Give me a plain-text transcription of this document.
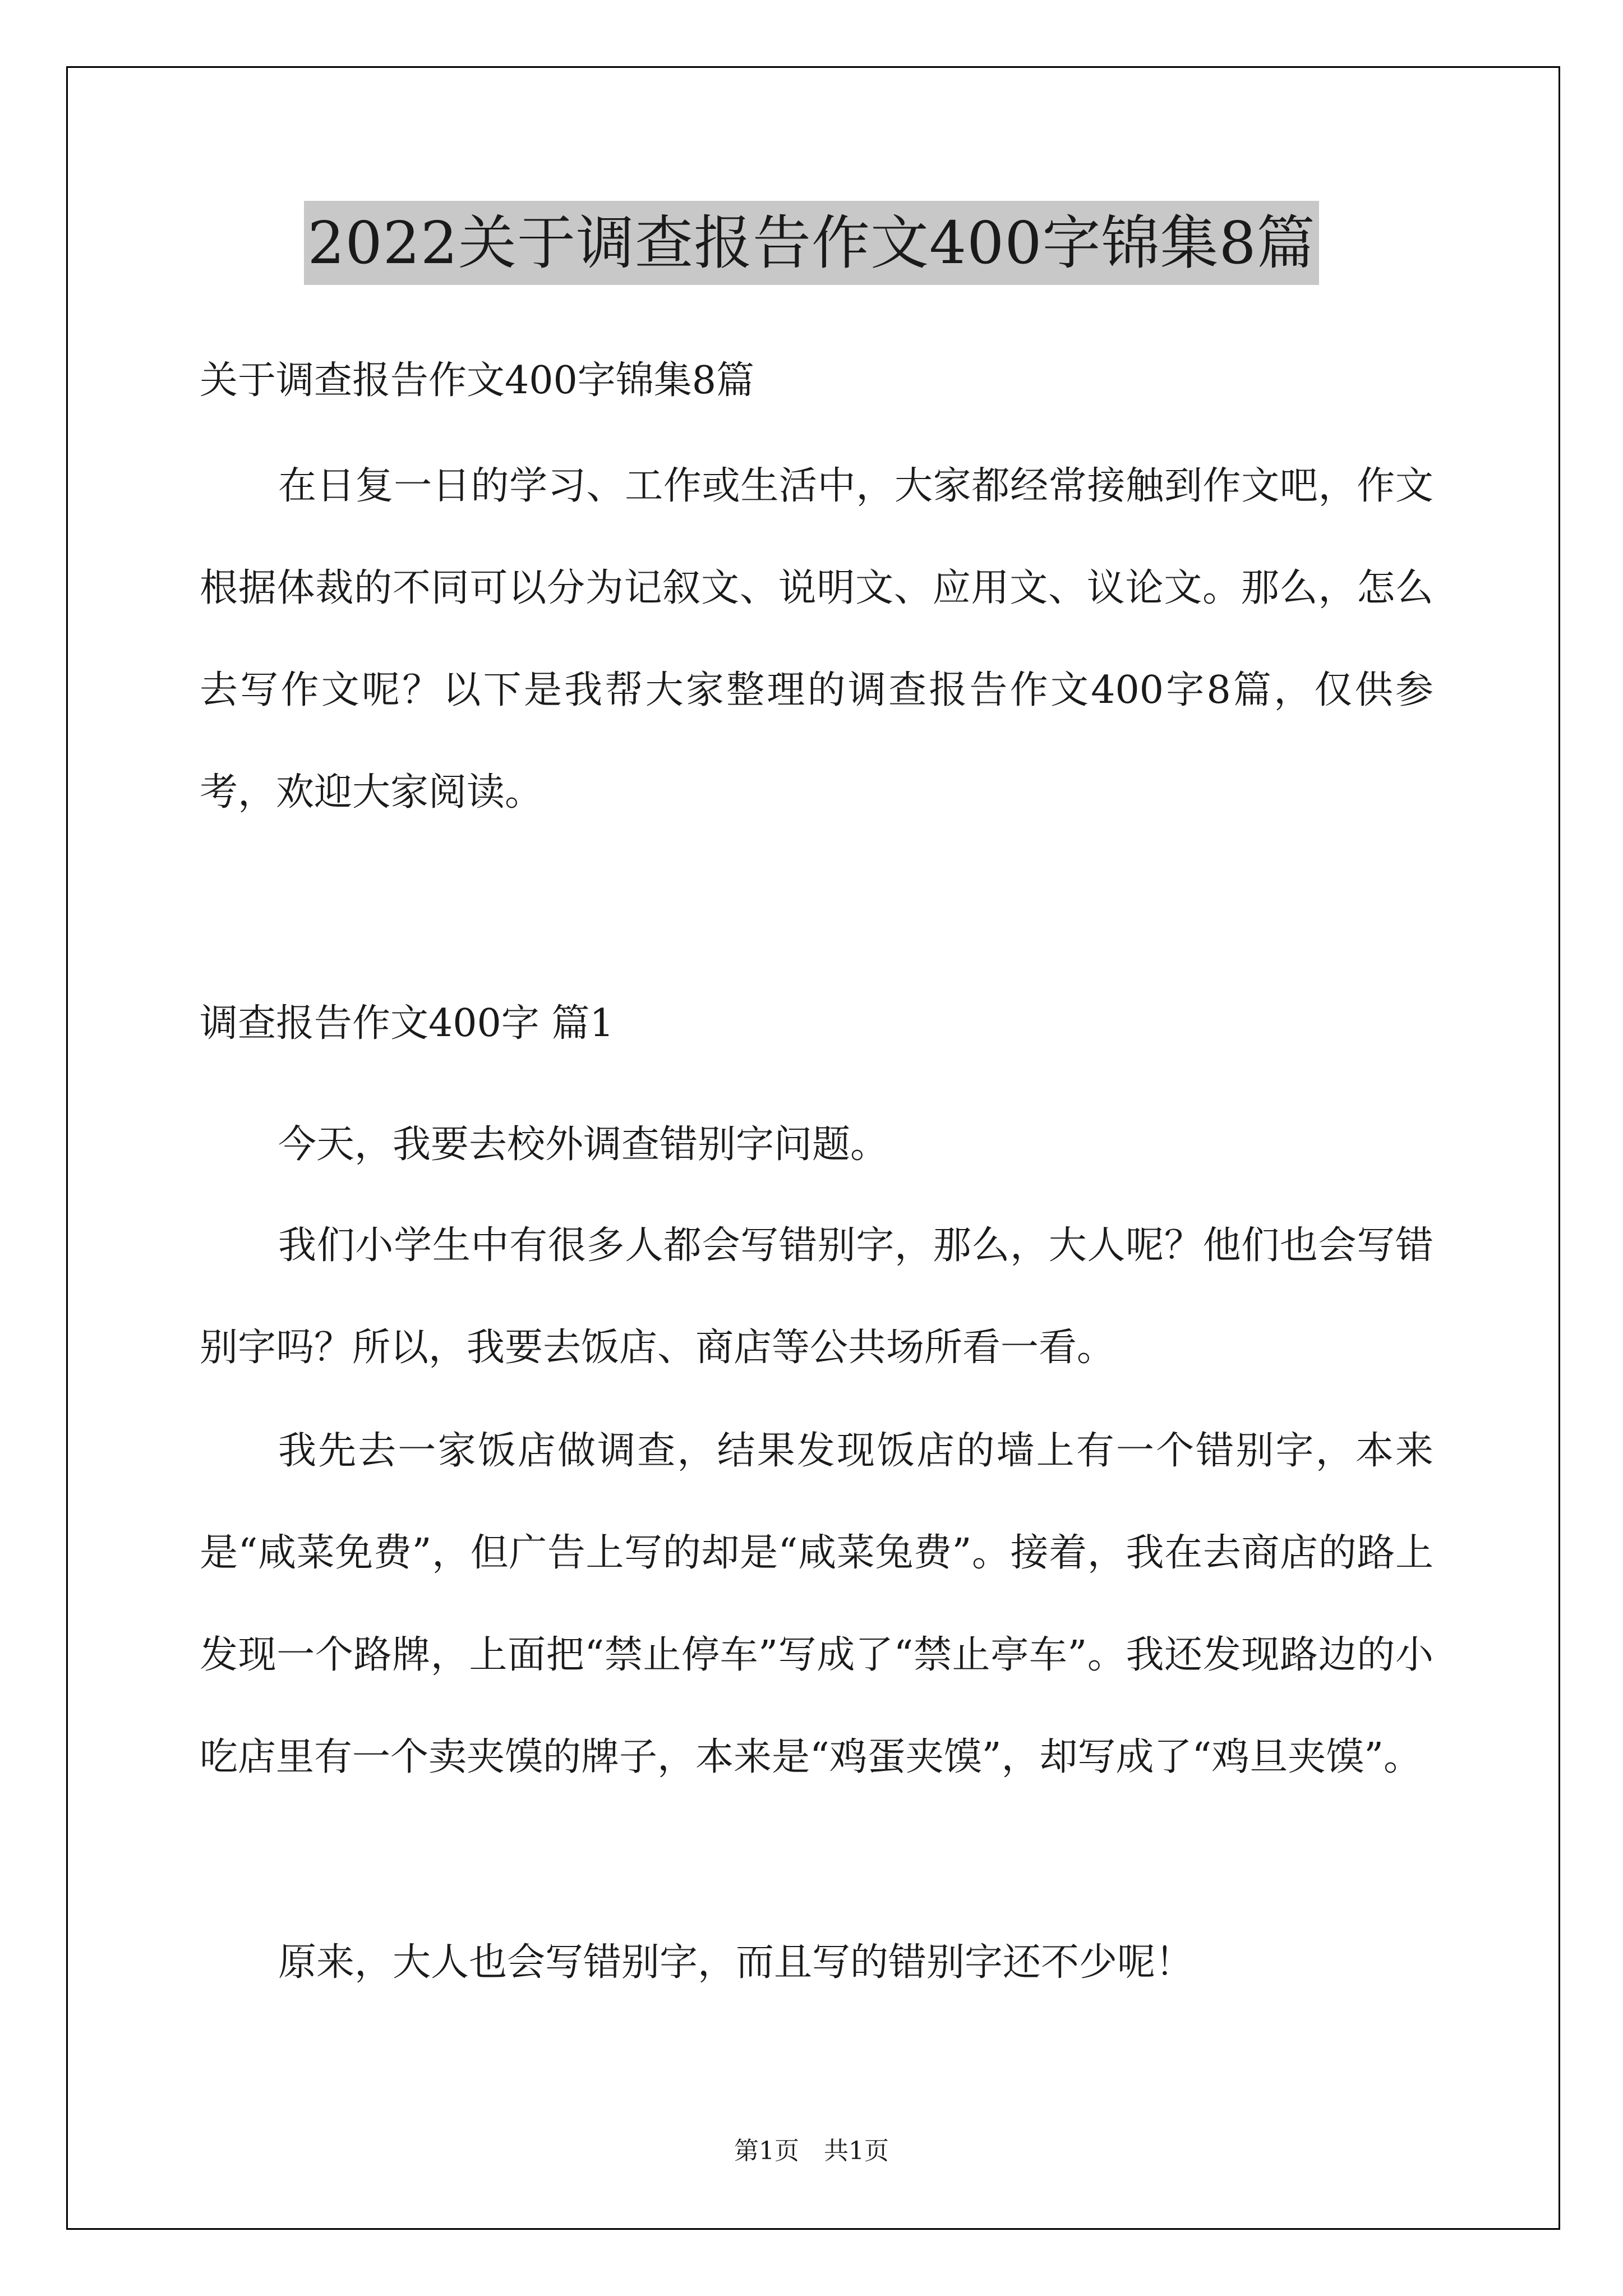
2022关于调查报告作文400字锦集8篇
关于调查报告作文400字锦集8篇

在日复一日的学习、工作或生活中，大家都经常接触到作文吧，作文根据体裁的不同可以分为记叙文、说明文、应用文、议论文。那么，怎么去写作文呢？以下是我帮大家整理的调查报告作文400字8篇，仅供参考，欢迎大家阅读。

调查报告作文400字 篇1

今天，我要去校外调查错别字问题。

我们小学生中有很多人都会写错别字，那么，大人呢？他们也会写错别字吗？所以，我要去饭店、商店等公共场所看一看。

我先去一家饭店做调查，结果发现饭店的墙上有一个错别字，本来是“咸菜免费”，但广告上写的却是“咸菜兔费”。接着，我在去商店的路上发现一个路牌，上面把“禁止停车”写成了“禁止亭车”。我还发现路边的小吃店里有一个卖夹馍的牌子，本来是“鸡蛋夹馍”，却写成了“鸡旦夹馍”。

原来，大人也会写错别字，而且写的错别字还不少呢！

第1页　共1页
